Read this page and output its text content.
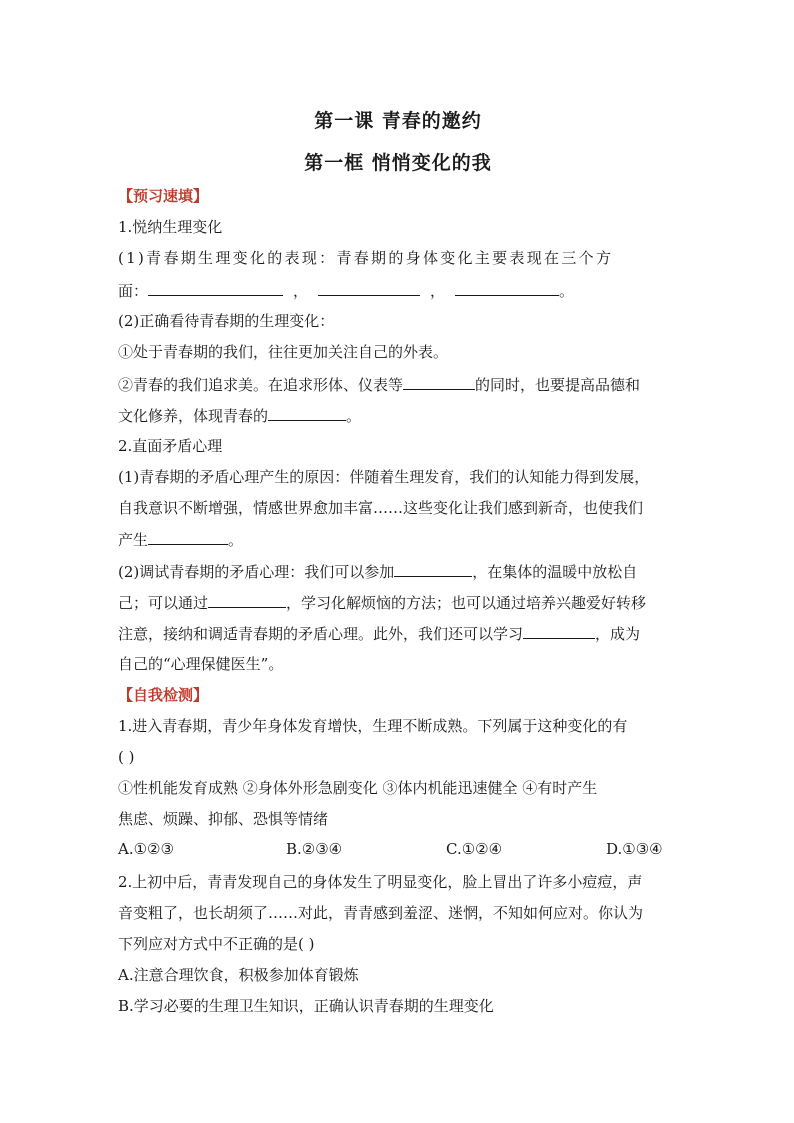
第一课 青春的邀约
第一框 悄悄变化的我
【预习速填】
1.悦纳生理变化
(1)青春期生理变化的表现：青春期的身体变化主要表现在三个方
面：	，	，	。
(2)正确看待青春期的生理变化：
①处于青春期的我们，往往更加关注自己的外表。
②青春的我们追求美。在追求形体、仪表等	的同时，也要提高品德和
文化修养，体现青春的	。
2.直面矛盾心理
(1)青春期的矛盾心理产生的原因：伴随着生理发育，我们的认知能力得到发展，
自我意识不断增强，情感世界愈加丰富……这些变化让我们感到新奇，也使我们
产生	。
(2)调试青春期的矛盾心理：我们可以参加	，在集体的温暖中放松自
己；可以通过	，学习化解烦恼的方法；也可以通过培养兴趣爱好转移
注意，接纳和调适青春期的矛盾心理。此外，我们还可以学习	，成为
自己的“心理保健医生”。
【自我检测】
1.进入青春期，青少年身体发育增快，生理不断成熟。下列属于这种变化的有
( )
①性机能发育成熟 ②身体外形急剧变化 ③体内机能迅速健全 ④有时产生
焦虑、烦躁、抑郁、恐惧等情绪
A.①②③	B.②③④	C.①②④	D.①③④
2.上初中后，青青发现自己的身体发生了明显变化，脸上冒出了许多小痘痘，声
音变粗了，也长胡须了……对此，青青感到羞涩、迷惘，不知如何应对。你认为
下列应对方式中不正确的是( )
A.注意合理饮食，积极参加体育锻炼
B.学习必要的生理卫生知识，正确认识青春期的生理变化
